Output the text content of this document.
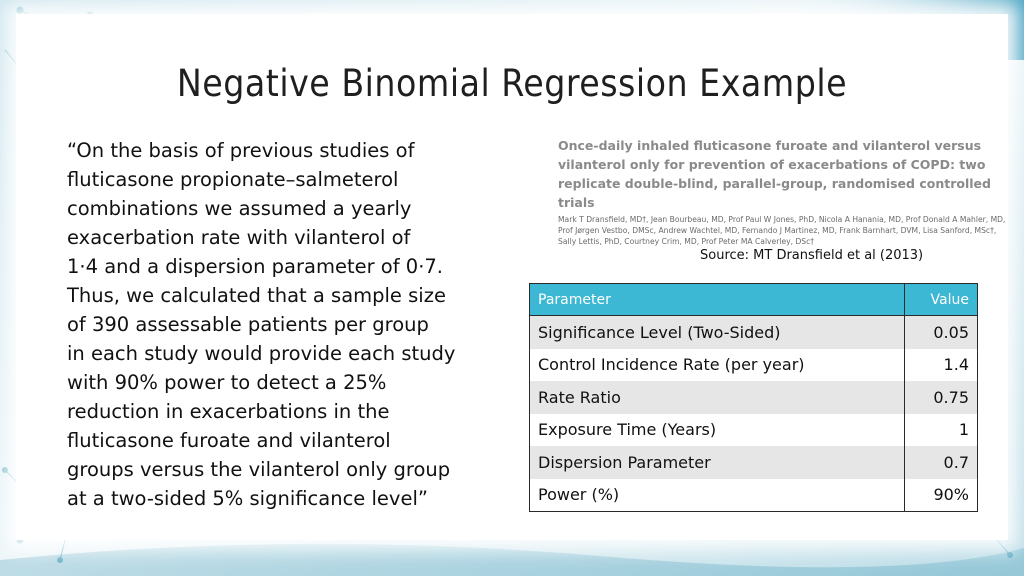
nQuery
Negative Binomial Regression Example
“On the basis of previous studies of
fluticasone propionate–salmeterol
combinations we assumed a yearly
exacerbation rate with vilanterol of
1·4 and a dispersion parameter of 0·7.
Thus, we calculated that a sample size
of 390 assessable patients per group
in each study would provide each study
with 90% power to detect a 25%
reduction in exacerbations in the
fluticasone furoate and vilanterol
groups versus the vilanterol only group
at a two-sided 5% significance level”
Once-daily inhaled fluticasone furoate and vilanterol versus
vilanterol only for prevention of exacerbations of COPD: two
replicate double-blind, parallel-group, randomised controlled
trials
Mark T Dransfield, MD†, Jean Bourbeau, MD, Prof Paul W Jones, PhD, Nicola A Hanania, MD, Prof Donald A Mahler, MD,
Prof Jørgen Vestbo, DMSc, Andrew Wachtel, MD, Fernando J Martinez, MD, Frank Barnhart, DVM, Lisa Sanford, MSc†,
Sally Lettis, PhD, Courtney Crim, MD, Prof Peter MA Calverley, DSc†
Source: MT Dransfield et al (2013)
Parameter	Value
Significance Level (Two-Sided)	0.05
Control Incidence Rate (per year)	1.4
Rate Ratio	0.75
Exposure Time (Years)	1
Dispersion Parameter	0.7
Power (%)	90%
